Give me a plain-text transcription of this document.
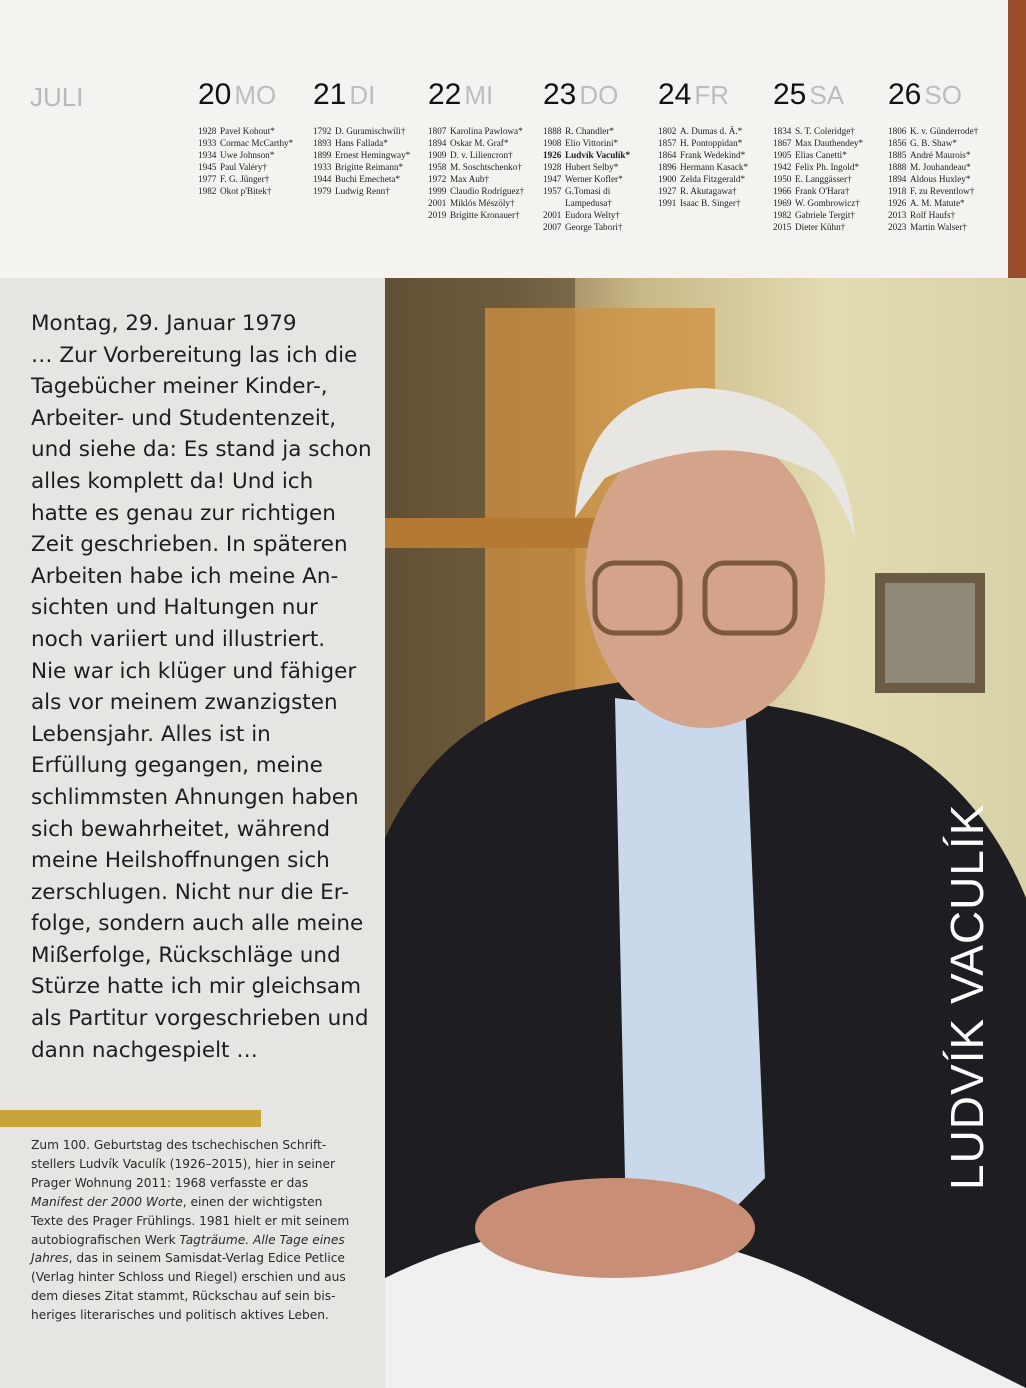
JULI	20 MO
1928 Pavel Kohout*
1933 Cormac McCarthy*
1934 Uwe Johnson*
1945 Paul Valéry†
1977 F. G. Jünger†
1982 Okot p'Bitek†
21 DI
1792 D. Guramischwili†
1893 Hans Fallada*
1899 Ernest Hemingway*
1933 Brigitte Reimann*
1944 Buchi Emecheta*
1979 Ludwig Renn†
22 MI
1807 Karolina Pawlowa*
1894 Oskar M. Graf*
1909 D. v. Liliencron†
1958 M. Soschtschenko†
1972 Max Aub†
1999 Claudio Rodríguez†
2001 Miklós Mészöly†
2019 Brigitte Kronauer†
23 DO
1888 R. Chandler*
1908 Elio Vittorini*
1926 Ludvík Vaculík*
1928 Hubert Selby*
1947 Werner Kofler*
1957 G.Tomasi di
Lampedusa†
2001 Eudora Welty†
2007 George Tabori†
24 FR
1802 A. Dumas d. Ä.*
1857 H. Pontoppidan*
1864 Frank Wedekind*
1896 Hermann Kasack*
1900 Zelda Fitzgerald*
1927 R. Akutagawa†
1991 Isaac B. Singer†
25 SA
1834 S. T. Coleridge†
1867 Max Dauthendey*
1905 Elias Canetti*
1942 Felix Ph. Ingold*
1950 E. Langgässer†
1966 Frank O'Hara†
1969 W. Gombrowicz†
1982 Gabriele Tergit†
2015 Dieter Kühn†
26 SO
1806 K. v. Günderrode†
1856 G. B. Shaw*
1885 André Maurois*
1888 M. Jouhandeau*
1894 Aldous Huxley*
1918 F. zu Reventlow†
1926 A. M. Matute*
2013 Rolf Haufs†
2023 Martin Walser†
Montag, 29. Januar 1979
… Zur Vorbereitung las ich die
Tagebücher meiner Kinder-,
Arbeiter- und Studentenzeit,
und siehe da: Es stand ja schon
alles komplett da! Und ich
hatte es genau zur richtigen
Zeit geschrieben. In späteren
Arbeiten habe ich meine An-
sichten und Haltungen nur
noch variiert und illustriert.
Nie war ich klüger und fähiger
als vor meinem zwanzigsten
Lebensjahr. Alles ist in
Erfüllung gegangen, meine
schlimmsten Ahnungen haben
sich bewahrheitet, während
meine Heilshoffnungen sich
zerschlugen. Nicht nur die Er-
folge, sondern auch alle meine
Mißerfolge, Rückschläge und
Stürze hatte ich mir gleichsam
als Partitur vorgeschrieben und
dann nachgespielt …
Zum 100. Geburtstag des tschechischen Schrift-
stellers Ludvík Vaculík (1926–2015), hier in seiner
Prager Wohnung 2011: 1968 verfasste er das
Manifest der 2000 Worte, einen der wichtigsten
Texte des Prager Frühlings. 1981 hielt er mit seinem
autobiografischen Werk Tagträume. Alle Tage eines
Jahres, das in seinem Samisdat-Verlag Edice Petlice
(Verlag hinter Schloss und Riegel) erschien und aus
dem dieses Zitat stammt, Rückschau auf sein bis-
heriges literarisches und politisch aktives Leben.
LUDVÍK VACULÍK
